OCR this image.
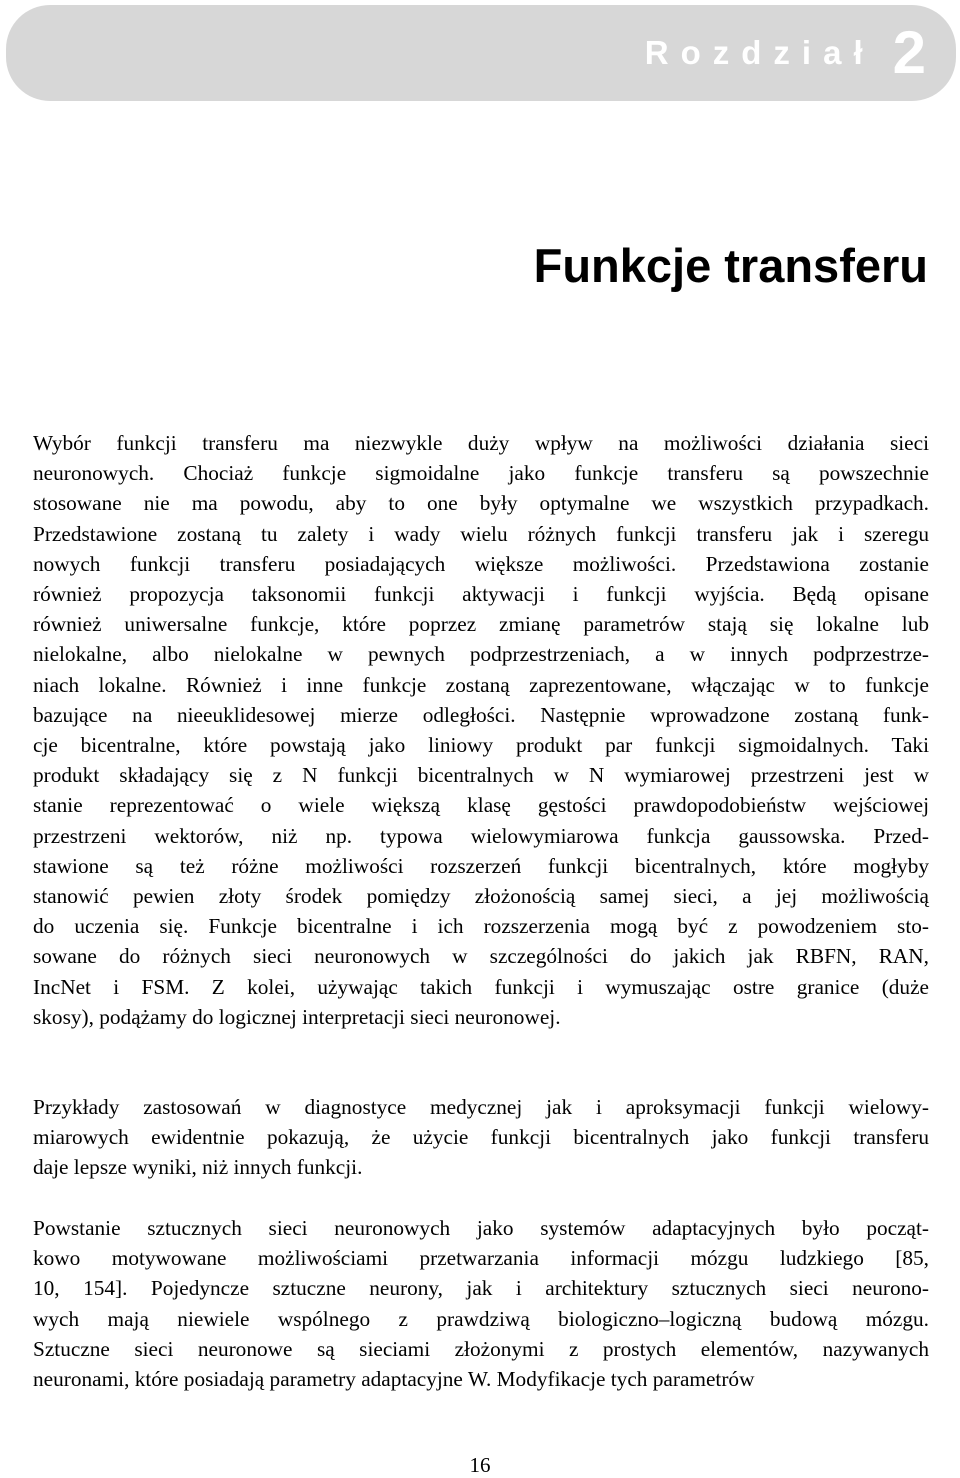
Rozdział 2
Funkcje transferu
Wybór funkcji transferu ma niezwykle duży wpływ na możliwości działania sieci
neuronowych. Chociaż funkcje sigmoidalne jako funkcje transferu są powszechnie
stosowane nie ma powodu, aby to one były optymalne we wszystkich przypadkach.
Przedstawione zostaną tu zalety i wady wielu różnych funkcji transferu jak i szeregu
nowych funkcji transferu posiadających większe możliwości. Przedstawiona zostanie
również propozycja taksonomii funkcji aktywacji i funkcji wyjścia. Będą opisane
również uniwersalne funkcje, które poprzez zmianę parametrów stają się lokalne lub
nielokalne, albo nielokalne w pewnych podprzestrzeniach, a w innych podprzestrze-
niach lokalne. Również i inne funkcje zostaną zaprezentowane, włączając w to funkcje
bazujące na nieeuklidesowej mierze odległości. Następnie wprowadzone zostaną funk-
cje bicentralne, które powstają jako liniowy produkt par funkcji sigmoidalnych. Taki
produkt składający się z N funkcji bicentralnych w N wymiarowej przestrzeni jest w
stanie reprezentować o wiele większą klasę gęstości prawdopodobieństw wejściowej
przestrzeni wektorów, niż np. typowa wielowymiarowa funkcja gaussowska. Przed-
stawione są też różne możliwości rozszerzeń funkcji bicentralnych, które mogłyby
stanowić pewien złoty środek pomiędzy złożonością samej sieci, a jej możliwością
do uczenia się. Funkcje bicentralne i ich rozszerzenia mogą być z powodzeniem sto-
sowane do różnych sieci neuronowych w szczególności do jakich jak RBFN, RAN,
IncNet i FSM. Z kolei, używając takich funkcji i wymuszając ostre granice (duże
skosy), podążamy do logicznej interpretacji sieci neuronowej.
Przykłady zastosowań w diagnostyce medycznej jak i aproksymacji funkcji wielowy-
miarowych ewidentnie pokazują, że użycie funkcji bicentralnych jako funkcji transferu
daje lepsze wyniki, niż innych funkcji.
Powstanie sztucznych sieci neuronowych jako systemów adaptacyjnych było począt-
kowo motywowane możliwościami przetwarzania informacji mózgu ludzkiego [85,
10, 154]. Pojedyncze sztuczne neurony, jak i architektury sztucznych sieci neurono-
wych mają niewiele wspólnego z prawdziwą biologiczno–logiczną budową mózgu.
Sztuczne sieci neuronowe są sieciami złożonymi z prostych elementów, nazywanych
neuronami, które posiadają parametry adaptacyjne W. Modyfikacje tych parametrów
16
